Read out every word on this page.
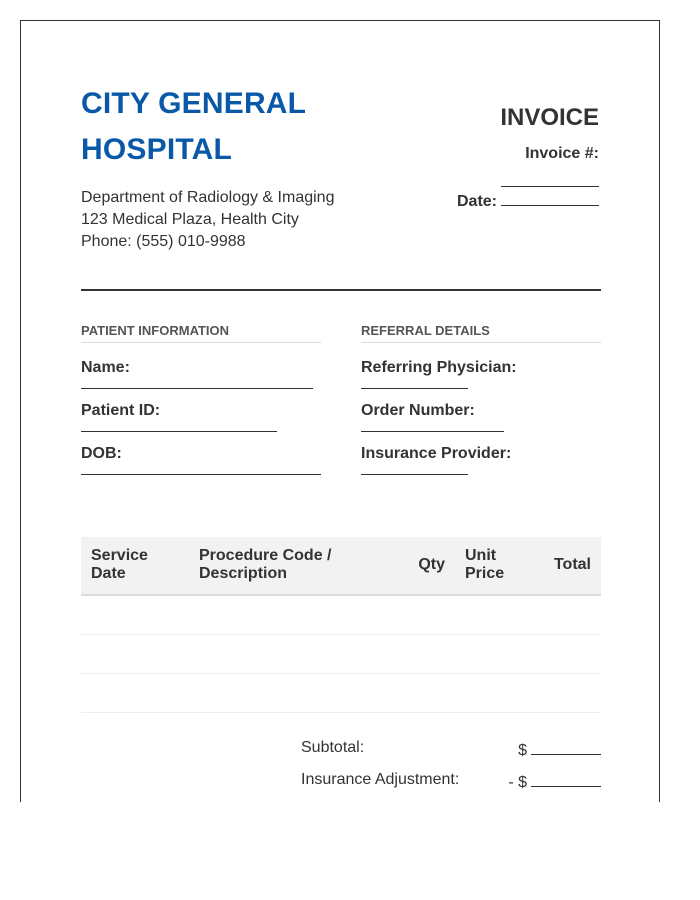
CITY GENERAL HOSPITAL
Department of Radiology & Imaging
123 Medical Plaza, Health City
Phone: (555) 010-9988
INVOICE
Invoice #:
Date:
PATIENT INFORMATION
Name:
Patient ID:
DOB:
REFERRAL DETAILS
Referring Physician:
Order Number:
Insurance Provider:
Service Date	Procedure Code / Description	Qty	Unit Price	Total

Subtotal:	$
Insurance Adjustment:	- $
